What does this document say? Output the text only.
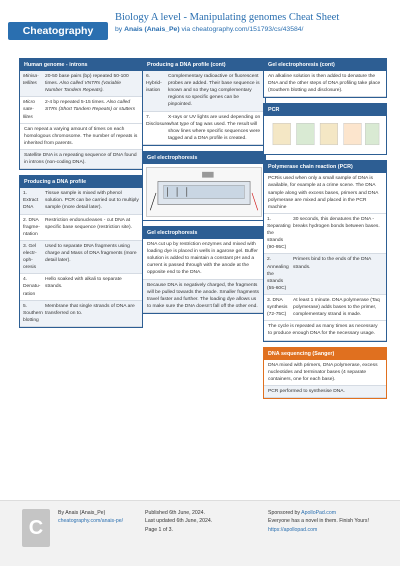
Cheatography
Biology A level - Manipulating genomes Cheat Sheet
by Anais (Anais_Pe) via cheatography.com/151793/cs/43584/
Human genome - introns
Minisatellites
20-50 base pairs (bp) repeated 50-100 times. Also called VNTRs (Variable Number Tandem Repeats).
Micro satellites
2-4 bp repeated 5-15 times. Also called STRs (Short Tandem Repeats) or stutters
Can repeat a varying amount of times on each homologous chromosome. The number of repeats is inherited from parents.
Satellite DNA is a repeating sequence of DNA found in introns (non-coding DNA).
Producing a DNA profile
1. Extract DNA
Tissue sample is mixed with phenol solution. PCR can be carried out to multiply sample (more detail later).
2. DNA fragmentation
Restriction endonucleases - cut DNA at specific base sequence (restriction site).
3. Gel electrophoresis
Used to separate DNA fragments using charge and Mass of DNA fragments (more detail later).
4. Denaturation
Hello soaked with alkali to separate strands.
5. Southern blotting
Membrane that single strands of DNA are transferred on to.
Producing a DNA profile (cont)
6. Hybridisation
Complementary radioactive or fluorescent probes are added. Their base sequence is known and so they tag complementary regions so specific genes can be pinpointed.
7. Disclosure
X-rays or UV lights are used depending on what type of tag was used. The result will show lines where specific sequences were tagged and a DNA profile is created.
Gel electrophoresis
Gel electrophoresis
DNA cut up by restriction enzymes and mixed with loading dye is placed in wells in agarose gel. Buffer solution is added to maintain a constant pH and a current is passed through with the anode at the opposite end to the DNA.
Because DNA is negatively charged, the fragments will be pulled towards the anode. Smaller fragments travel faster and further. The loading dye allows us to make sure the DNA doesn't fall off the other end.
Gel electrophoresis (cont)
An alkaline solution is then added to denature the DNA and the other steps of DNA profiling take place (Southern blotting and disclosure).
PCR
Polymerase chain reaction (PCR)
PCRis used when only a small sample of DNA is available, for example at a crime scene. The DNA sample along with excess bases, primers and DNA polymerase are mixed and placed in the PCR machine
1. Separating the strands (90-95C)
30 seconds, this denatures the DNA - breaks hydrogen bonds between bases.
2. Annealing the strands (55-60C)
Primers bind to the ends of the DNA strands.
3. DNA synthesis (72-75C)
At least 1 minute. DNA polymerase (Taq polymerase) adds bases to the primer, complementary strand is made.
The cycle is repeated as many times as necessary to produce enough DNA for the necessary usage.
DNA sequencing (Sanger)
DNA mixed with primers, DNA polymerase, excess nucleotides and terminator bases (4 separate containers, one for each base).
PCR performed to synthesise DNA.
C
By Anais (Anais_Pe)
cheatography.com/anais-pe/
Published 6th June, 2024.
Last updated 6th June, 2024.
Page 1 of 3.
Sponsored by ApolloPad.com
Everyone has a novel in them. Finish Yours!
https://apollopad.com
